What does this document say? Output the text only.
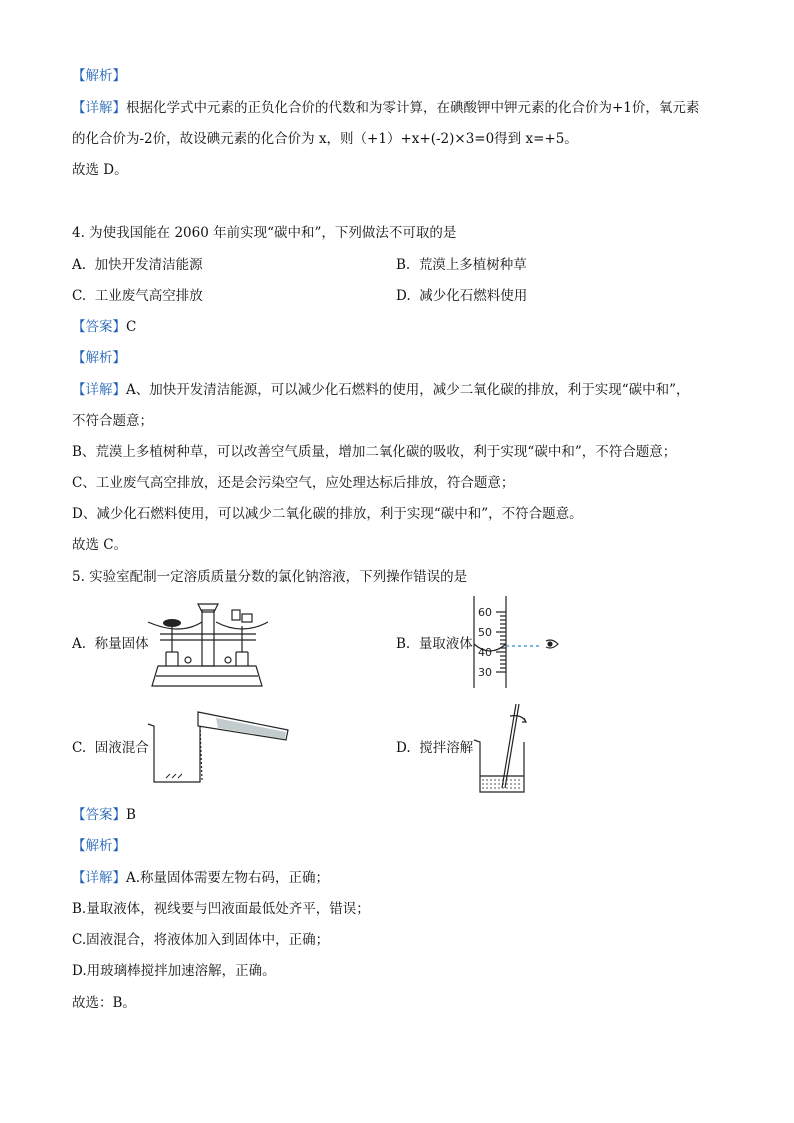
【解析】
【详解】根据化学式中元素的正负化合价的代数和为零计算，在碘酸钾中钾元素的化合价为+1价，氧元素
的化合价为-2价，故设碘元素的化合价为 x，则（+1）+x+(-2)×3=0得到 x=+5。
故选 D。
4. 为使我国能在 2060 年前实现“碳中和”，下列做法不可取的是
A. 加快开发清洁能源	B. 荒漠上多植树种草
C. 工业废气高空排放	D. 减少化石燃料使用
【答案】C
【解析】
【详解】A、加快开发清洁能源，可以减少化石燃料的使用，减少二氧化碳的排放，利于实现“碳中和”，
不符合题意；
B、荒漠上多植树种草，可以改善空气质量，增加二氧化碳的吸收，利于实现“碳中和”，不符合题意；
C、工业废气高空排放，还是会污染空气，应处理达标后排放，符合题意；
D、减少化石燃料使用，可以减少二氧化碳的排放，利于实现“碳中和”，不符合题意。
故选 C。
5. 实验室配制一定溶质质量分数的氯化钠溶液，下列操作错误的是
A. 称量固体	B. 量取液体
60
50
40
30
C. 固液混合	D. 搅拌溶解
【答案】B
【解析】
【详解】A.称量固体需要左物右码，正确；
B.量取液体，视线要与凹液面最低处齐平，错误；
C.固液混合，将液体加入到固体中，正确；
D.用玻璃棒搅拌加速溶解，正确。
故选：B。
